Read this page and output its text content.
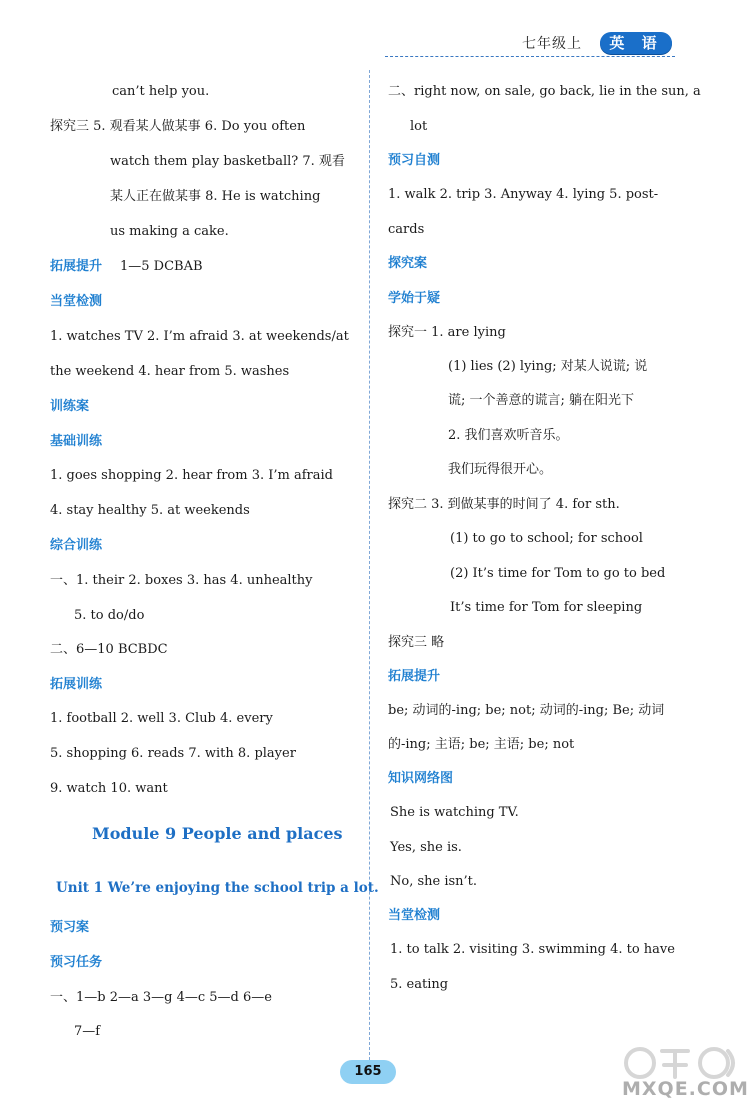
七年级上	英 语
can’t help you.
探究三 5. 观看某人做某事 6. Do you often
watch them play basketball? 7. 观看
某人正在做某事 8. He is watching
us making a cake.
拓展提升 1—5 DCBAB
当堂检测
1. watches TV 2. I’m afraid 3. at weekends/at
the weekend 4. hear from 5. washes
训练案
基础训练
1. goes shopping 2. hear from 3. I’m afraid
4. stay healthy 5. at weekends
综合训练
一、1. their 2. boxes 3. has 4. unhealthy
5. to do/do
二、6—10 BCBDC
拓展训练
1. football 2. well 3. Club 4. every
5. shopping 6. reads 7. with 8. player
9. watch 10. want
Module 9 People and places
Unit 1 We’re enjoying the school trip a lot.
预习案
预习任务
一、1—b 2—a 3—g 4—c 5—d 6—e
7—f
二、right now, on sale, go back, lie in the sun, a
lot
预习自测
1. walk 2. trip 3. Anyway 4. lying 5. post-
cards
探究案
学始于疑
探究一 1. are lying
(1) lies (2) lying; 对某人说谎; 说
谎; 一个善意的谎言; 躺在阳光下
2. 我们喜欢听音乐。
我们玩得很开心。
探究二 3. 到做某事的时间了 4. for sth.
(1) to go to school; for school
(2) It’s time for Tom to go to bed
It’s time for Tom for sleeping
探究三 略
拓展提升
be; 动词的-ing; be; not; 动词的-ing; Be; 动词
的-ing; 主语; be; 主语; be; not
知识网络图
She is watching TV.
Yes, she is.
No, she isn’t.
当堂检测
1. to talk 2. visiting 3. swimming 4. to have
5. eating
165
MXQE.COM
